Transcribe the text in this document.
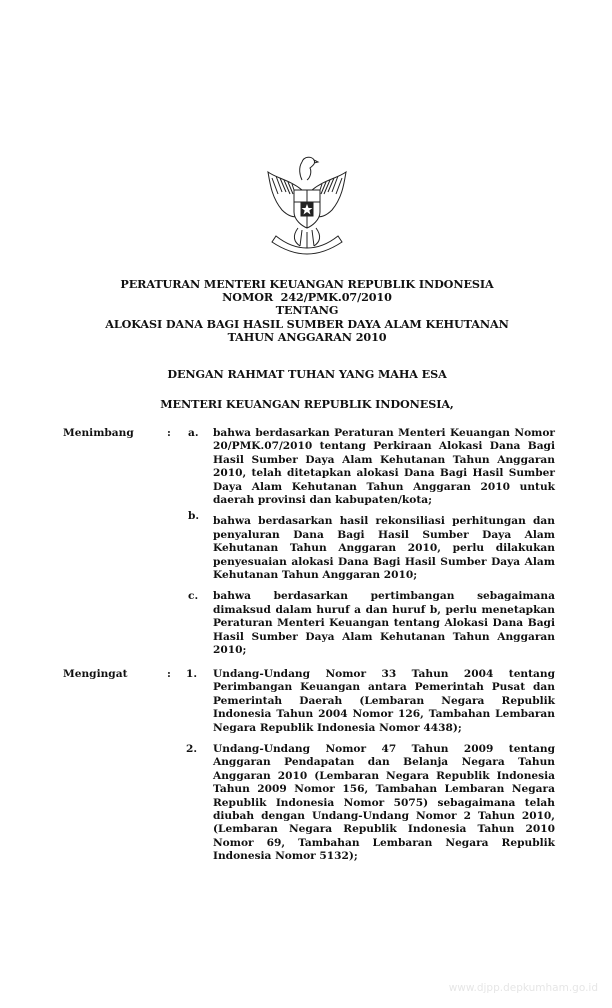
PERATURAN MENTERI KEUANGAN REPUBLIK INDONESIA
NOMOR  242/PMK.07/2010
TENTANG
ALOKASI DANA BAGI HASIL SUMBER DAYA ALAM KEHUTANAN
TAHUN ANGGARAN 2010
DENGAN RAHMAT TUHAN YANG MAHA ESA
MENTERI KEUANGAN REPUBLIK INDONESIA,
Menimbang	: a. bahwa berdasarkan Peraturan Menteri Keuangan Nomor 20/PMK.07/2010 tentang Perkiraan Alokasi Dana Bagi Hasil Sumber Daya Alam Kehutanan Tahun Anggaran 2010, telah ditetapkan alokasi Dana Bagi Hasil Sumber Daya Alam Kehutanan Tahun Anggaran 2010 untuk daerah provinsi dan kabupaten/kota;
b. bahwa berdasarkan hasil rekonsiliasi perhitungan dan penyaluran Dana Bagi Hasil Sumber Daya Alam Kehutanan Tahun Anggaran 2010, perlu dilakukan penyesuaian alokasi Dana Bagi Hasil Sumber Daya Alam Kehutanan Tahun Anggaran 2010;
c. bahwa berdasarkan pertimbangan sebagaimana dimaksud dalam huruf a dan huruf b, perlu menetapkan Peraturan Menteri Keuangan tentang Alokasi Dana Bagi Hasil Sumber Daya Alam Kehutanan Tahun Anggaran 2010;
Mengingat	: 1. Undang-Undang Nomor 33 Tahun 2004 tentang Perimbangan Keuangan antara Pemerintah Pusat dan Pemerintah Daerah (Lembaran Negara Republik Indonesia Tahun 2004 Nomor 126, Tambahan Lembaran Negara Republik Indonesia Nomor 4438);
2. Undang-Undang Nomor 47 Tahun 2009 tentang Anggaran Pendapatan dan Belanja Negara Tahun Anggaran 2010 (Lembaran Negara Republik Indonesia Tahun 2009 Nomor 156, Tambahan Lembaran Negara Republik Indonesia Nomor 5075) sebagaimana telah diubah dengan Undang-Undang Nomor 2 Tahun 2010, (Lembaran Negara Republik Indonesia Tahun 2010 Nomor 69, Tambahan Lembaran Negara Republik Indonesia Nomor 5132);
www.djpp.depkumham.go.id
